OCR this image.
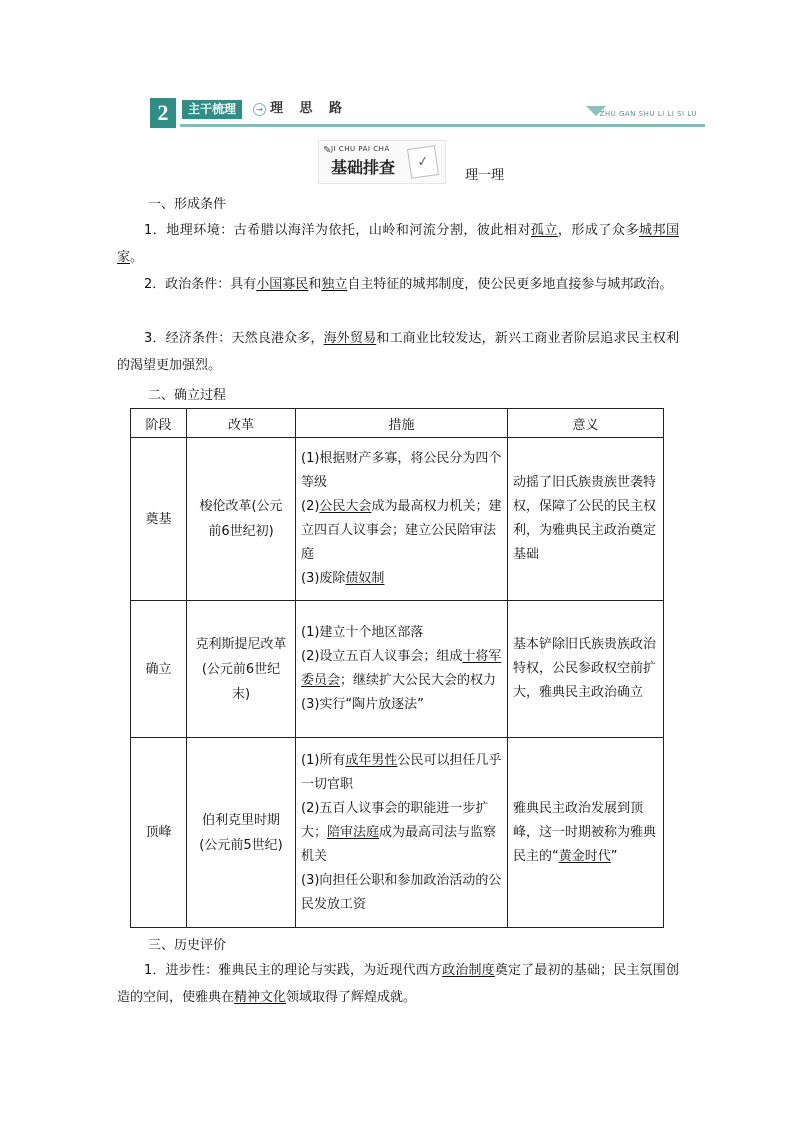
2	主干梳理	→ 理 思 路	ZHU GAN SHU LI LI SI LU
✎ JI CHU PAI CHA
基础排查	✓
理一理
一、形成条件
1．地理环境：古希腊以海洋为依托，山岭和河流分割，彼此相对孤立，形成了众多城邦国家。
2．政治条件：具有小国寡民和独立自主特征的城邦制度，使公民更多地直接参与城邦政治。
3．经济条件：天然良港众多，海外贸易和工商业比较发达，新兴工商业者阶层追求民主权利的渴望更加强烈。
二、确立过程
阶段	改革	措施	意义
奠基	梭伦改革(公元前6世纪初)	(1)根据财产多寡，将公民分为四个等级
(2)公民大会成为最高权力机关；建立四百人议事会；建立公民陪审法庭
(3)废除债奴制	动摇了旧氏族贵族世袭特权，保障了公民的民主权利，为雅典民主政治奠定基础
确立	克利斯提尼改革(公元前6世纪末)	(1)建立十个地区部落
(2)设立五百人议事会；组成十将军委员会；继续扩大公民大会的权力
(3)实行“陶片放逐法”	基本铲除旧氏族贵族政治特权，公民参政权空前扩大，雅典民主政治确立
顶峰	伯利克里时期(公元前5世纪)	(1)所有成年男性公民可以担任几乎一切官职
(2)五百人议事会的职能进一步扩大；陪审法庭成为最高司法与监察机关
(3)向担任公职和参加政治活动的公民发放工资	雅典民主政治发展到顶峰，这一时期被称为雅典民主的“黄金时代”
三、历史评价
1．进步性：雅典民主的理论与实践，为近现代西方政治制度奠定了最初的基础；民主氛围创造的空间，使雅典在精神文化领域取得了辉煌成就。
